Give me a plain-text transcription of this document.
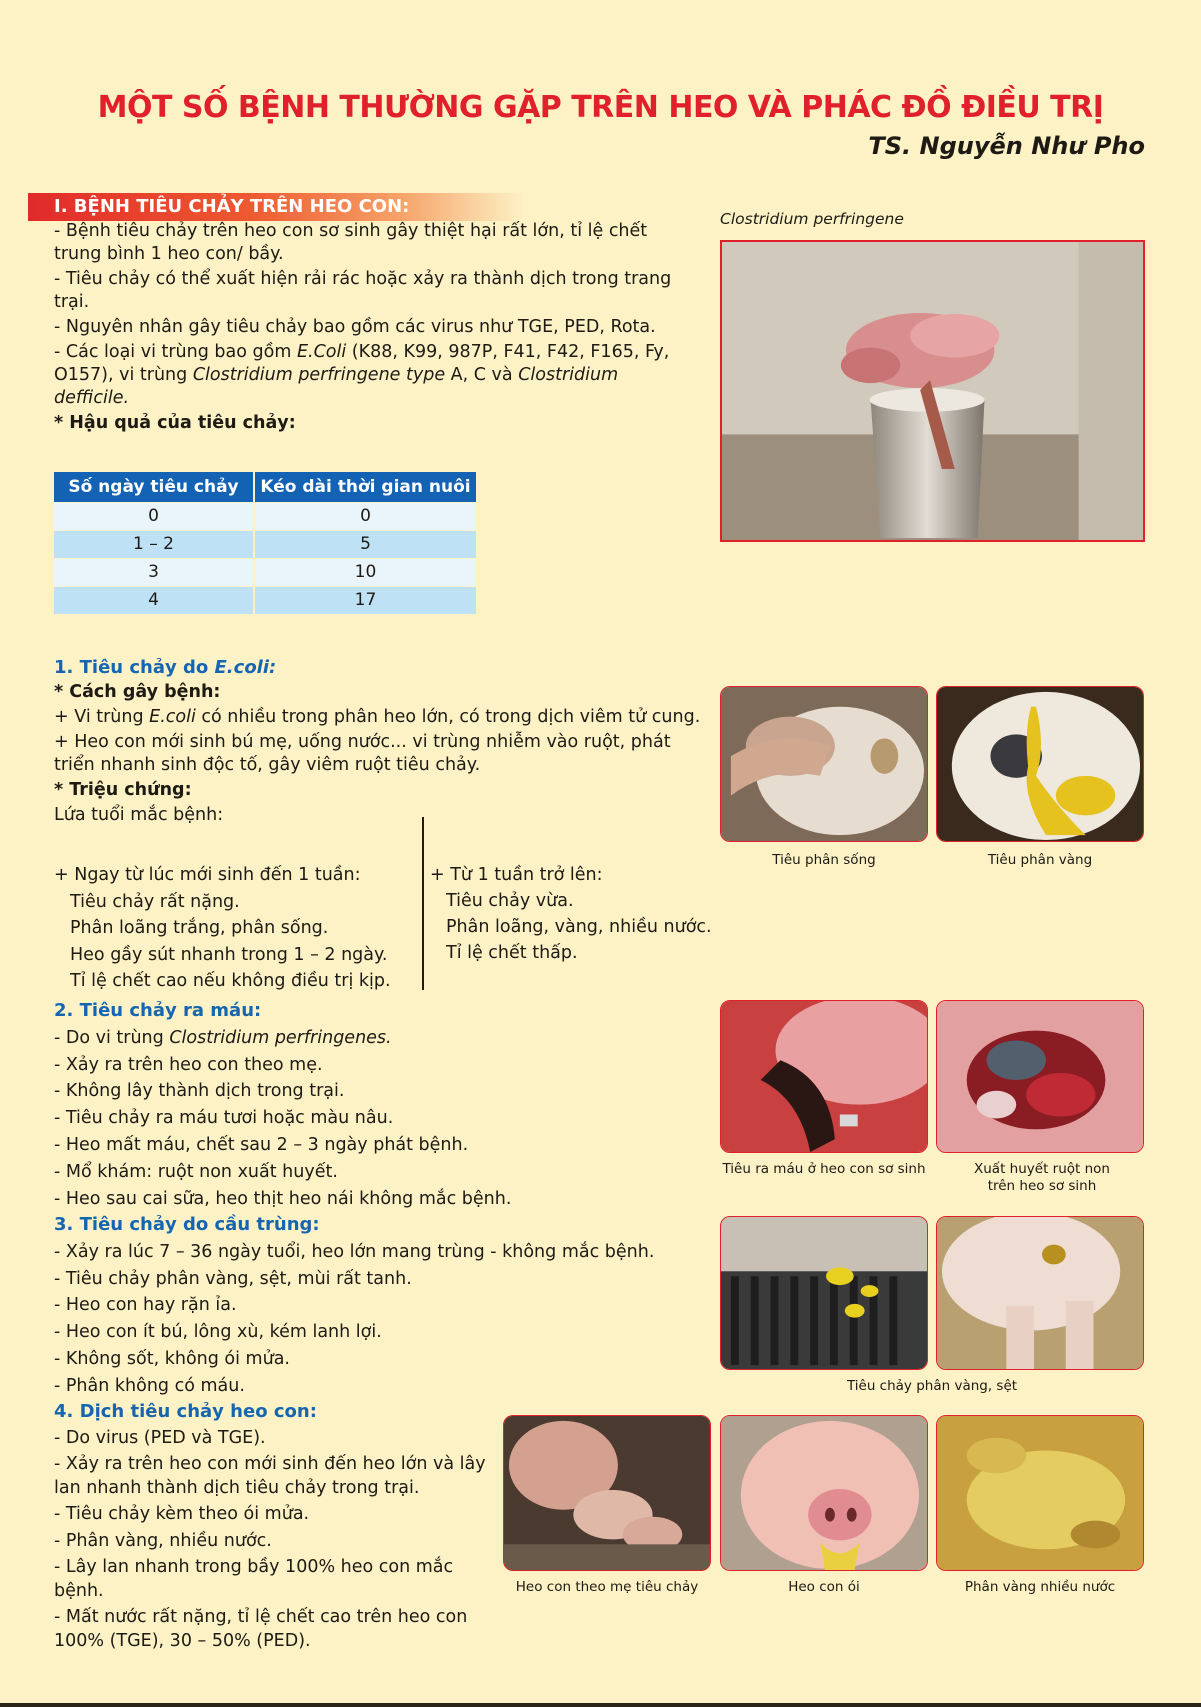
MỘT SỐ BỆNH THƯỜNG GẶP TRÊN HEO VÀ PHÁC ĐỒ ĐIỀU TRỊ
TS. Nguyễn Như Pho
I. BỆNH TIÊU CHẢY TRÊN HEO CON:

- Bệnh tiêu chảy trên heo con sơ sinh gây thiệt hại rất lớn, tỉ lệ chết trung bình 1 heo con/ bầy.

- Tiêu chảy có thể xuất hiện rải rác hoặc xảy ra thành dịch trong trang trại.

- Nguyên nhân gây tiêu chảy bao gồm các virus như TGE, PED, Rota.

- Các loại vi trùng bao gồm E.Coli (K88, K99, 987P, F41, F42, F165, Fy, O157), vi trùng Clostridium perfringene type A, C và Clostridium defficile.

* Hậu quả của tiêu chảy:

Số ngày tiêu chảy	Kéo dài thời gian nuôi
0	0
1 – 2	5
3	10
4	17
Clostridium perfringene

1. Tiêu chảy do E.coli:

* Cách gây bệnh:

+ Vi trùng E.coli có nhiều trong phân heo lớn, có trong dịch viêm tử cung.

+ Heo con mới sinh bú mẹ, uống nước... vi trùng nhiễm vào ruột, phát triển nhanh sinh độc tố, gây viêm ruột tiêu chảy.

* Triệu chứng:

Lứa tuổi mắc bệnh:

+ Ngay từ lúc mới sinh đến 1 tuần:
Tiêu chảy rất nặng.
Phân loãng trắng, phân sống.
Heo gầy sút nhanh trong 1 – 2 ngày.
Tỉ lệ chết cao nếu không điều trị kịp.
+ Từ 1 tuần trở lên:
Tiêu chảy vừa.
Phân loãng, vàng, nhiều nước.
Tỉ lệ chết thấp.
Tiêu phân sống	Tiêu phân vàng
2. Tiêu chảy ra máu:
- Do vi trùng Clostridium perfringenes.
- Xảy ra trên heo con theo mẹ.
- Không lây thành dịch trong trại.
- Tiêu chảy ra máu tươi hoặc màu nâu.
- Heo mất máu, chết sau 2 – 3 ngày phát bệnh.
- Mổ khám: ruột non xuất huyết.
- Heo sau cai sữa, heo thịt heo nái không mắc bệnh.
Tiêu ra máu ở heo con sơ sinh	Xuất huyết ruột non trên heo sơ sinh
3. Tiêu chảy do cầu trùng:
- Xảy ra lúc 7 – 36 ngày tuổi, heo lớn mang trùng - không mắc bệnh.
- Tiêu chảy phân vàng, sệt, mùi rất tanh.
- Heo con hay rặn ỉa.
- Heo con ít bú, lông xù, kém lanh lợi.
- Không sốt, không ói mửa.
- Phân không có máu.	Tiêu chảy phân vàng, sệt
4. Dịch tiêu chảy heo con:
- Do virus (PED và TGE).
- Xảy ra trên heo con mới sinh đến heo lớn và lây lan nhanh thành dịch tiêu chảy trong trại.
- Tiêu chảy kèm theo ói mửa.
- Phân vàng, nhiều nước.
- Lây lan nhanh trong bầy 100% heo con mắc bệnh.
- Mất nước rất nặng, tỉ lệ chết cao trên heo con 100% (TGE), 30 – 50% (PED).
Heo con theo mẹ tiêu chảy	Heo con ói	Phân vàng nhiều nước
